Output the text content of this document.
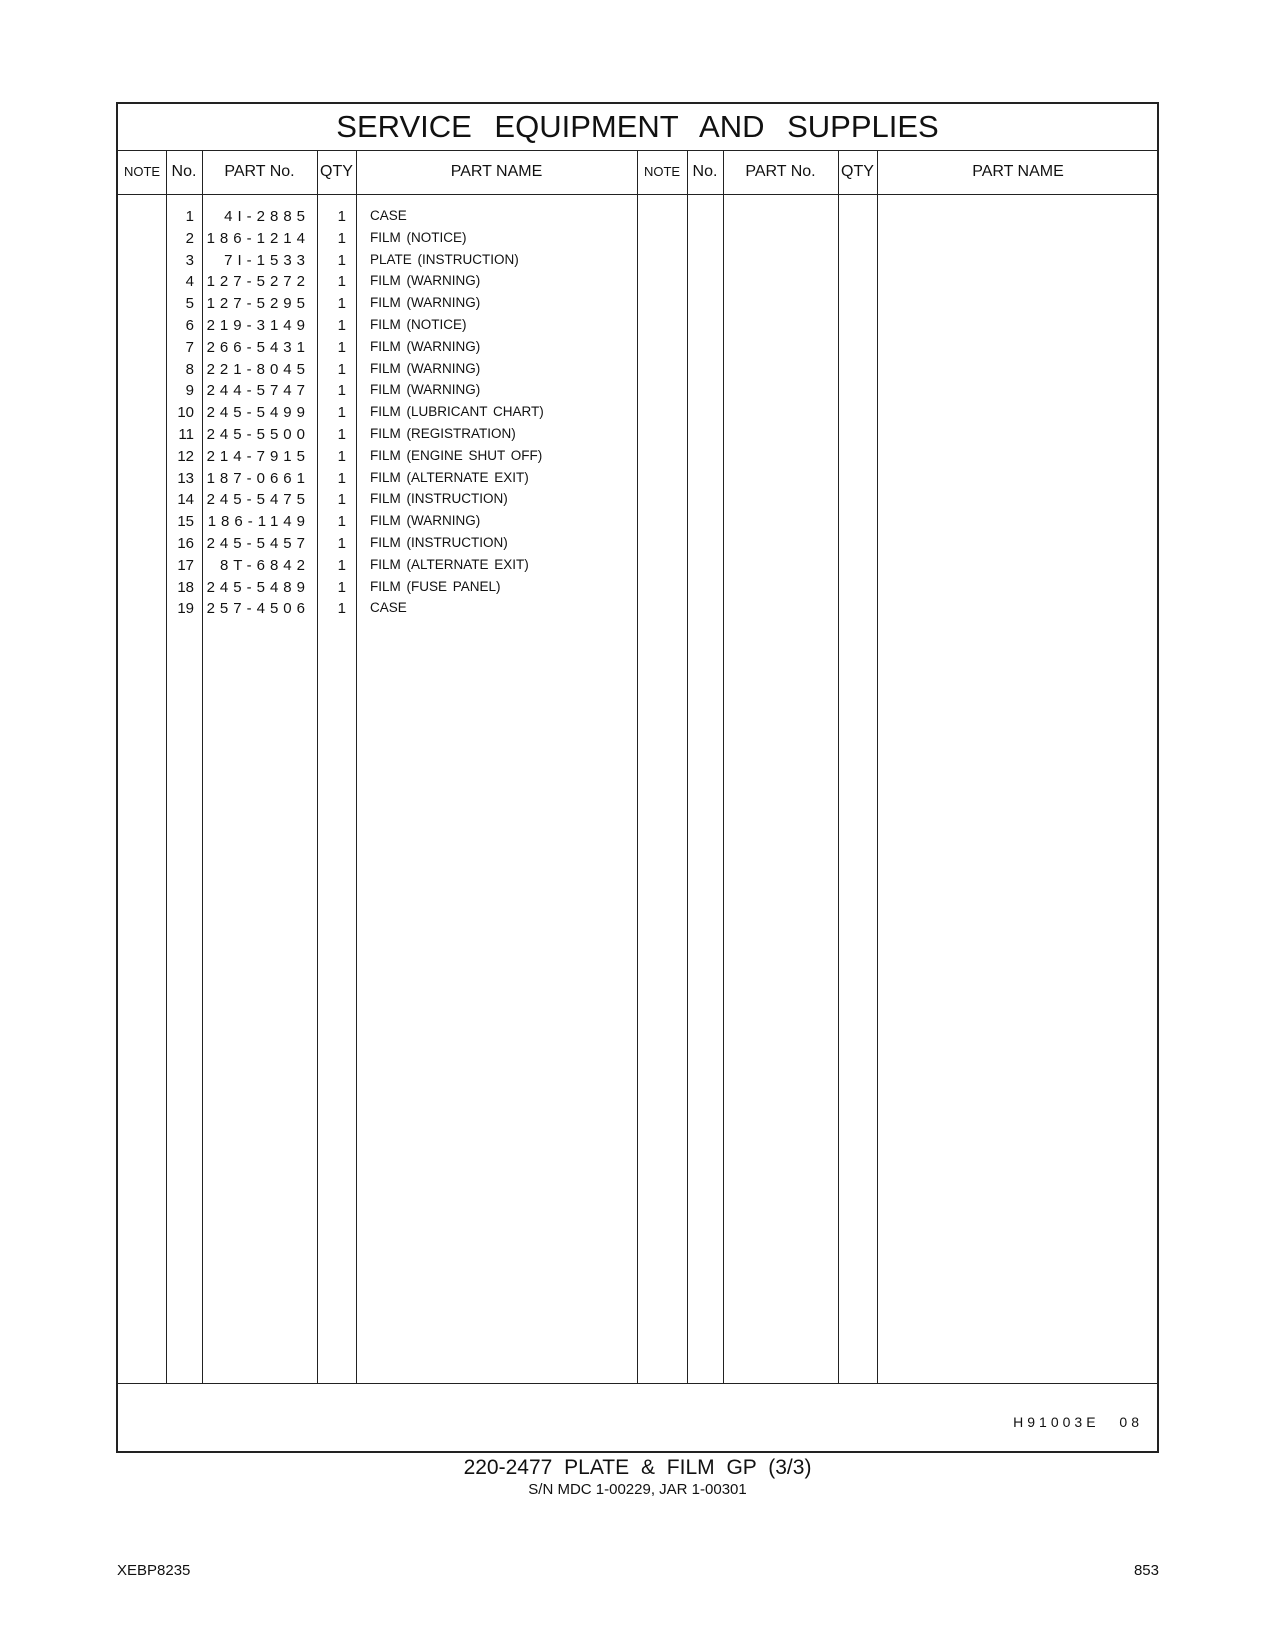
SERVICE EQUIPMENT AND SUPPLIES
NOTE No.	PART No.	QTY	PART NAME	NOTE No.	PART No.	QTY	PART NAME
1	4I-2885	1 CASE
2 186-1214	1 FILM (NOTICE)
3	7I-1533	1 PLATE (INSTRUCTION)
4 127-5272	1 FILM (WARNING)
5 127-5295	1 FILM (WARNING)
6 219-3149	1 FILM (NOTICE)
7 266-5431	1 FILM (WARNING)
8 221-8045	1 FILM (WARNING)
9 244-5747	1 FILM (WARNING)
10 245-5499	1 FILM (LUBRICANT CHART)
11 245-5500	1 FILM (REGISTRATION)
12 214-7915	1 FILM (ENGINE SHUT OFF)
13 187-0661	1 FILM (ALTERNATE EXIT)
14 245-5475	1 FILM (INSTRUCTION)
15 186-1149	1 FILM (WARNING)
16 245-5457	1 FILM (INSTRUCTION)
17	8T-6842	1 FILM (ALTERNATE EXIT)
18 245-5489	1 FILM (FUSE PANEL)
19 257-4506	1 CASE
H91003E 08
220-2477 PLATE & FILM GP (3/3)
S/N MDC 1-00229, JAR 1-00301
XEBP8235	853
